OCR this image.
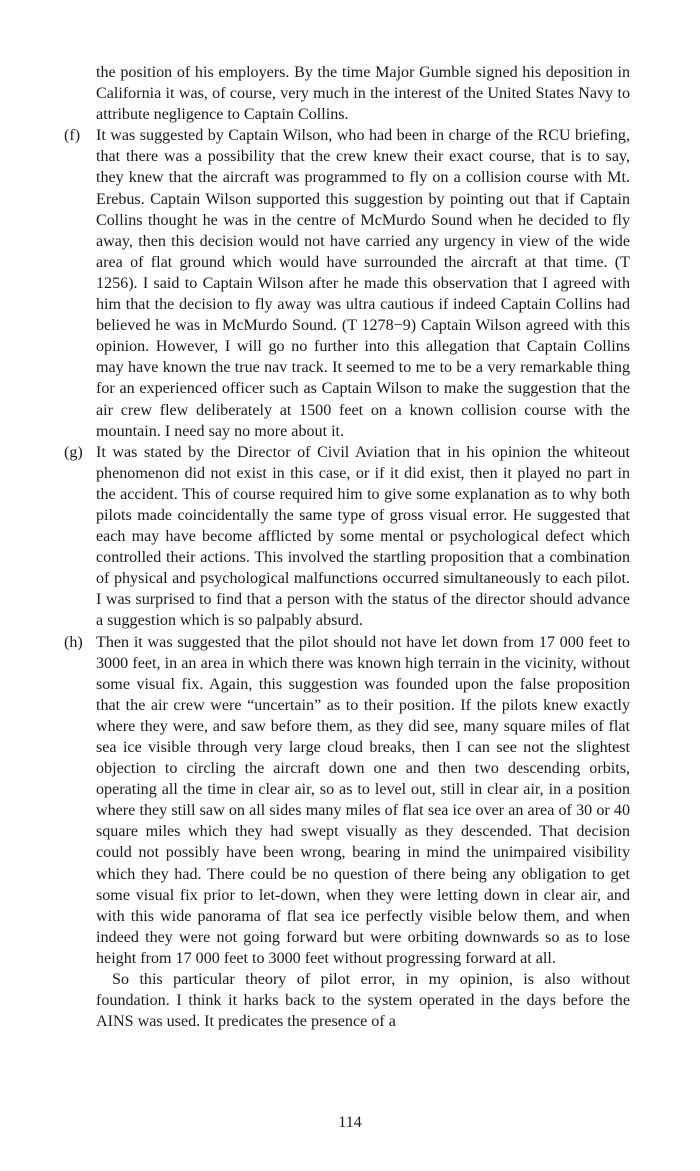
the position of his employers. By the time Major Gumble signed his deposition in California it was, of course, very much in the interest of the United States Navy to attribute negligence to Captain Collins.
(f) It was suggested by Captain Wilson, who had been in charge of the RCU briefing, that there was a possibility that the crew knew their exact course, that is to say, they knew that the aircraft was programmed to fly on a collision course with Mt. Erebus. Captain Wilson supported this suggestion by pointing out that if Captain Collins thought he was in the centre of McMurdo Sound when he decided to fly away, then this decision would not have carried any urgency in view of the wide area of flat ground which would have surrounded the aircraft at that time. (T 1256). I said to Captain Wilson after he made this observation that I agreed with him that the decision to fly away was ultra cautious if indeed Captain Collins had believed he was in McMurdo Sound. (T 1278−9) Captain Wilson agreed with this opinion. However, I will go no further into this allegation that Captain Collins may have known the true nav track. It seemed to me to be a very remarkable thing for an experienced officer such as Captain Wilson to make the suggestion that the air crew flew deliberately at 1500 feet on a known collision course with the mountain. I need say no more about it.
(g) It was stated by the Director of Civil Aviation that in his opinion the whiteout phenomenon did not exist in this case, or if it did exist, then it played no part in the accident. This of course required him to give some explanation as to why both pilots made coincidentally the same type of gross visual error. He suggested that each may have become afflicted by some mental or psychological defect which controlled their actions. This involved the startling proposition that a combination of physical and psychological malfunctions occurred simultaneously to each pilot. I was surprised to find that a person with the status of the director should advance a suggestion which is so palpably absurd.
(h) Then it was suggested that the pilot should not have let down from 17 000 feet to 3000 feet, in an area in which there was known high terrain in the vicinity, without some visual fix. Again, this suggestion was founded upon the false proposition that the air crew were “uncertain” as to their position. If the pilots knew exactly where they were, and saw before them, as they did see, many square miles of flat sea ice visible through very large cloud breaks, then I can see not the slightest objection to circling the aircraft down one and then two descending orbits, operating all the time in clear air, so as to level out, still in clear air, in a position where they still saw on all sides many miles of flat sea ice over an area of 30 or 40 square miles which they had swept visually as they descended. That decision could not possibly have been wrong, bearing in mind the unimpaired visibility which they had. There could be no question of there being any obligation to get some visual fix prior to let-down, when they were letting down in clear air, and with this wide panorama of flat sea ice perfectly visible below them, and when indeed they were not going forward but were orbiting downwards so as to lose height from 17 000 feet to 3000 feet without progressing forward at all.
So this particular theory of pilot error, in my opinion, is also without foundation. I think it harks back to the system operated in the days before the AINS was used. It predicates the presence of a
114
